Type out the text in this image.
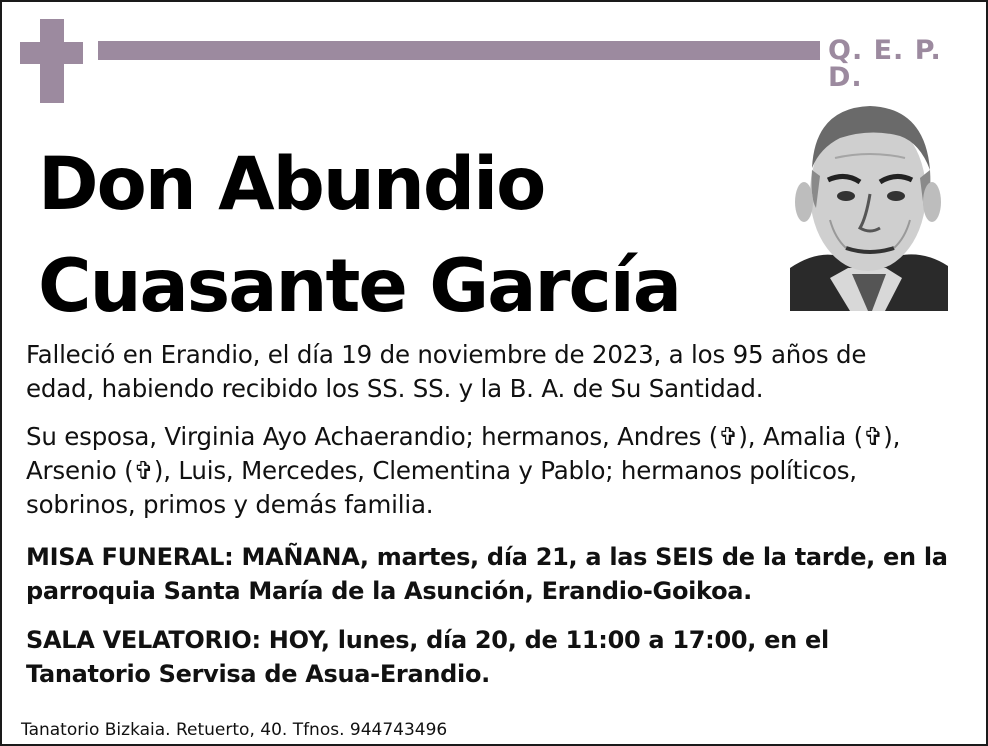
Q. E. P. D.
Don Abundio
Cuasante García
Falleció en Erandio, el día 19 de noviembre de 2023, a los 95 años de
edad, habiendo recibido los SS. SS. y la B. A. de Su Santidad.
Su esposa, Virginia Ayo Achaerandio; hermanos, Andres (✞), Amalia (✞),
Arsenio (✞), Luis, Mercedes, Clementina y Pablo; hermanos políticos,
sobrinos, primos y demás familia.
MISA FUNERAL: MAÑANA, martes, día 21, a las SEIS de la tarde, en la
parroquia Santa María de la Asunción, Erandio-Goikoa.
SALA VELATORIO: HOY, lunes, día 20, de 11:00 a 17:00, en el
Tanatorio Servisa de Asua-Erandio.
Tanatorio Bizkaia. Retuerto, 40. Tfnos. 944743496
